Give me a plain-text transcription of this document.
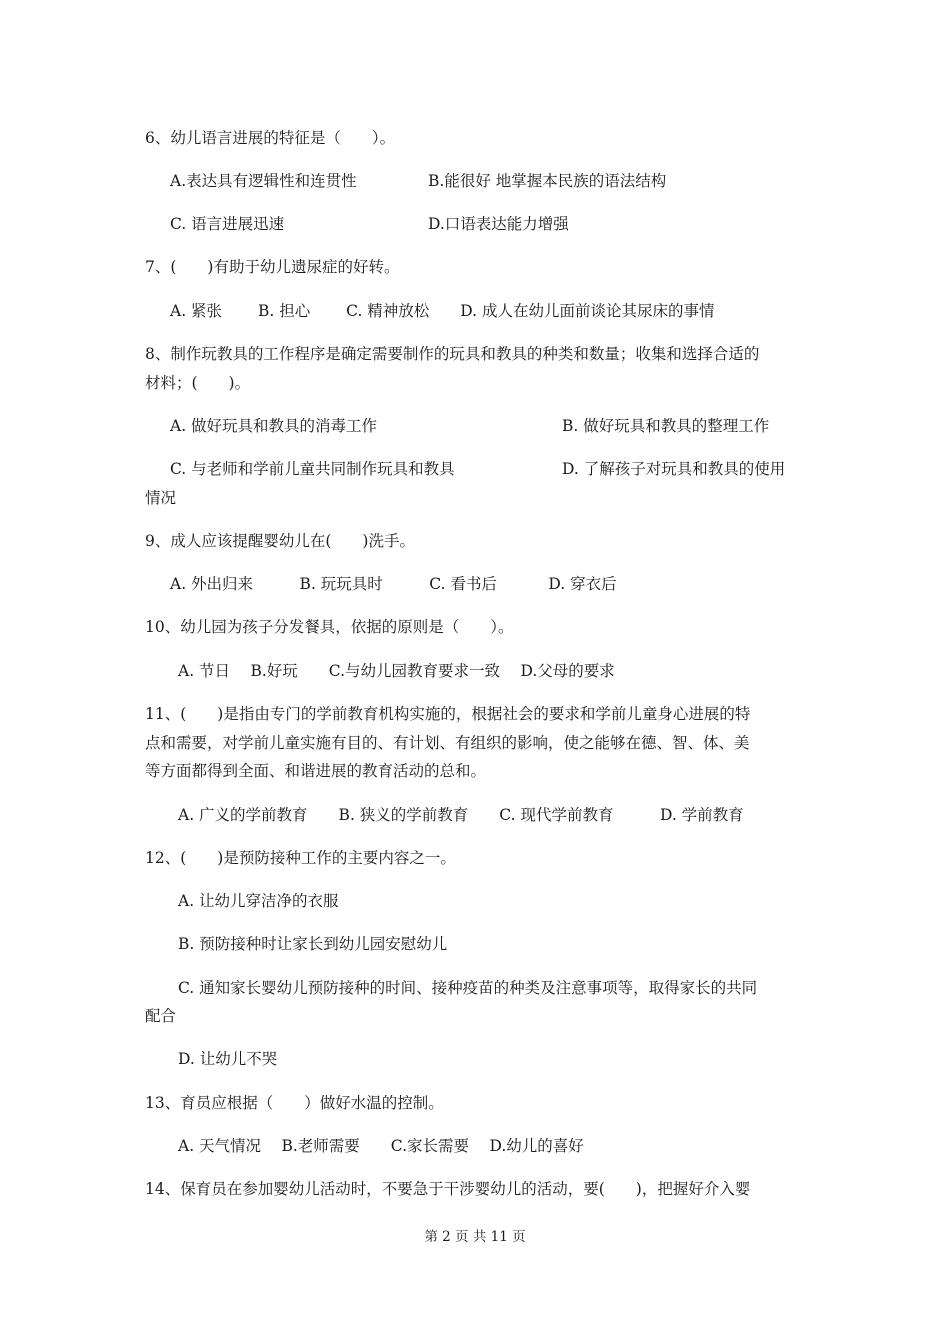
6、幼儿语言进展的特征是（　　）。
A.表达具有逻辑性和连贯性	B.能很好 地掌握本民族的语法结构
C. 语言进展迅速	D.口语表达能力增强
7、(　　)有助于幼儿遗尿症的好转。
A. 紧张　　 B. 担心　　 C. 精神放松　　D. 成人在幼儿面前谈论其尿床的事情
8、制作玩教具的工作程序是确定需要制作的玩具和教具的种类和数量；收集和选择合适的
材料；(　　)。
A. 做好玩具和教具的消毒工作	B. 做好玩具和教具的整理工作
C. 与老师和学前儿童共同制作玩具和教具	D. 了解孩子对玩具和教具的使用
情况
9、成人应该提醒婴幼儿在(　　)洗手。
A. 外出归来　　　B. 玩玩具时　　　C. 看书后　　　 D. 穿衣后
10、幼儿园为孩子分发餐具，依据的原则是（　　）。
A. 节日　 B.好玩　　C.与幼儿园教育要求一致　 D.父母的要求
11、(　　)是指由专门的学前教育机构实施的，根据社会的要求和学前儿童身心进展的特
点和需要，对学前儿童实施有目的、有计划、有组织的影响，使之能够在德、智、体、美
等方面都得到全面、和谐进展的教育活动的总和。
A. 广义的学前教育　　B. 狭义的学前教育　　C. 现代学前教育　　　D. 学前教育
12、(　　)是预防接种工作的主要内容之一。
A. 让幼儿穿洁净的衣服
B. 预防接种时让家长到幼儿园安慰幼儿
C. 通知家长婴幼儿预防接种的时间、接种疫苗的种类及注意事项等，取得家长的共同
配合
D. 让幼儿不哭
13、育员应根据（　　）做好水温的控制。
A. 天气情况　 B.老师需要　　C.家长需要　 D.幼儿的喜好
14、保育员在参加婴幼儿活动时，不要急于干涉婴幼儿的活动，要(　　)，把握好介入婴
第 2 页 共 11 页
